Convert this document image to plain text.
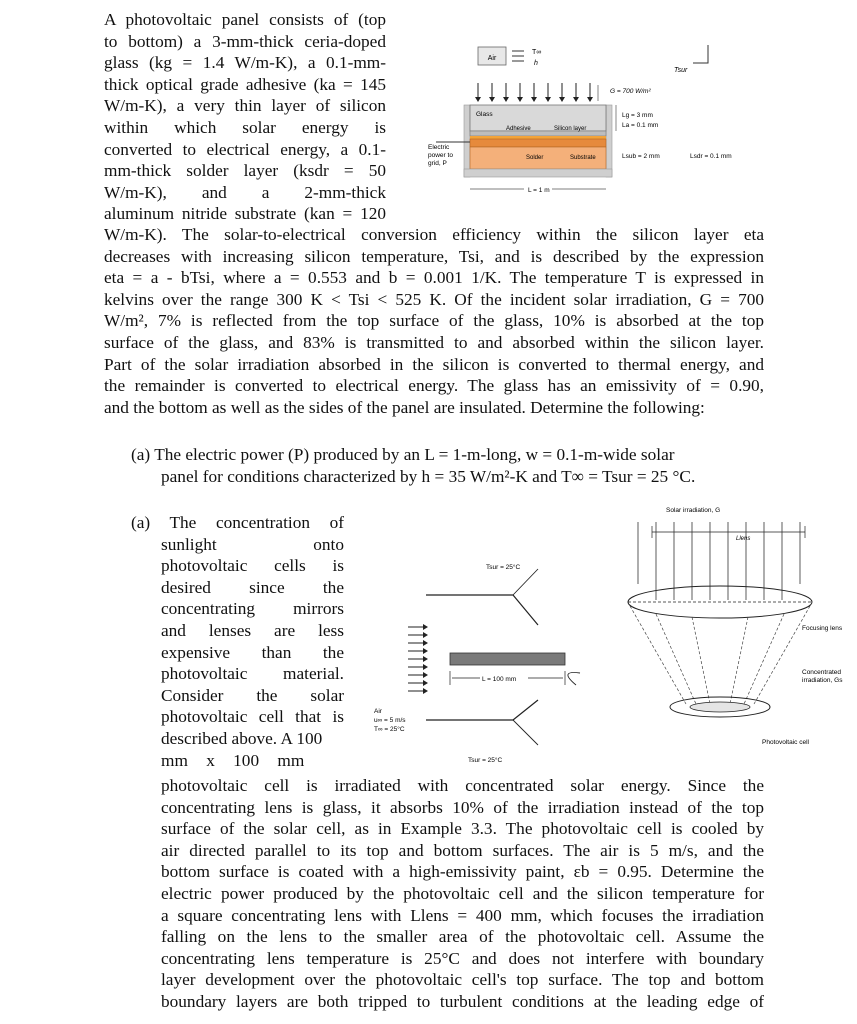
A photovoltaic panel consists of (top
to bottom) a 3-mm-thick ceria-doped
glass (kg = 1.4 W/m-K), a 0.1-mm-
thick optical grade adhesive (ka = 145
W/m-K), a very thin layer of silicon
within which solar energy is
converted to electrical energy, a 0.1-
mm-thick solder layer (ksdr = 50
W/m-K), and a 2-mm-thick
aluminum nitride substrate (kan = 120
Air
T∞
h
Tsur
G = 700 W/m²
Glass
Adhesive	Silicon layer
Solder	Substrate
Electric power to grid, P
Lg = 3 mm
La = 0.1 mm
Lsub = 2 mm	Lsdr = 0.1 mm
L = 1 m
W/m-K). The solar-to-electrical conversion efficiency within the silicon layer eta
decreases with increasing silicon temperature, Tsi, and is described by the expression
eta = a - bTsi, where a = 0.553 and b = 0.001 1/K. The temperature T is expressed in
kelvins over the range 300 K < Tsi < 525 K. Of the incident solar irradiation, G = 700
W/m², 7% is reflected from the top surface of the glass, 10% is absorbed at the top
surface of the glass, and 83% is transmitted to and absorbed within the silicon layer.
Part of the solar irradiation absorbed in the silicon is converted to thermal energy, and
the remainder is converted to electrical energy. The glass has an emissivity of = 0.90,
and the bottom as well as the sides of the panel are insulated. Determine the following:
(a) The electric power (P) produced by an L = 1-m-long, w = 0.1-m-wide solar
panel for conditions characterized by h = 35 W/m²-K and T∞ = Tsur = 25 °C.
(a) The concentration of
sunlight onto
photovoltaic cells is
desired since the
concentrating mirrors
and lenses are less
expensive than the
photovoltaic material.
Consider the solar
photovoltaic cell that is
described above. A 100
mm x 100 mm
Tsur = 25°C
L = 100 mm
Tsur = 25°C
Air u∞ = 5 m/s T∞ = 25°C
Solar irradiation, G
Llens
Focusing lens
Concentrated irradiation, Gs
Photovoltaic cell
photovoltaic cell is irradiated with concentrated solar energy. Since the
concentrating lens is glass, it absorbs 10% of the irradiation instead of the top
surface of the solar cell, as in Example 3.3. The photovoltaic cell is cooled by
air directed parallel to its top and bottom surfaces. The air is 5 m/s, and the
bottom surface is coated with a high-emissivity paint, εb = 0.95. Determine the
electric power produced by the photovoltaic cell and the silicon temperature for
a square concentrating lens with Llens = 400 mm, which focuses the irradiation
falling on the lens to the smaller area of the photovoltaic cell. Assume the
concentrating lens temperature is 25°C and does not interfere with boundary
layer development over the photovoltaic cell's top surface. The top and bottom
boundary layers are both tripped to turbulent conditions at the leading edge of
